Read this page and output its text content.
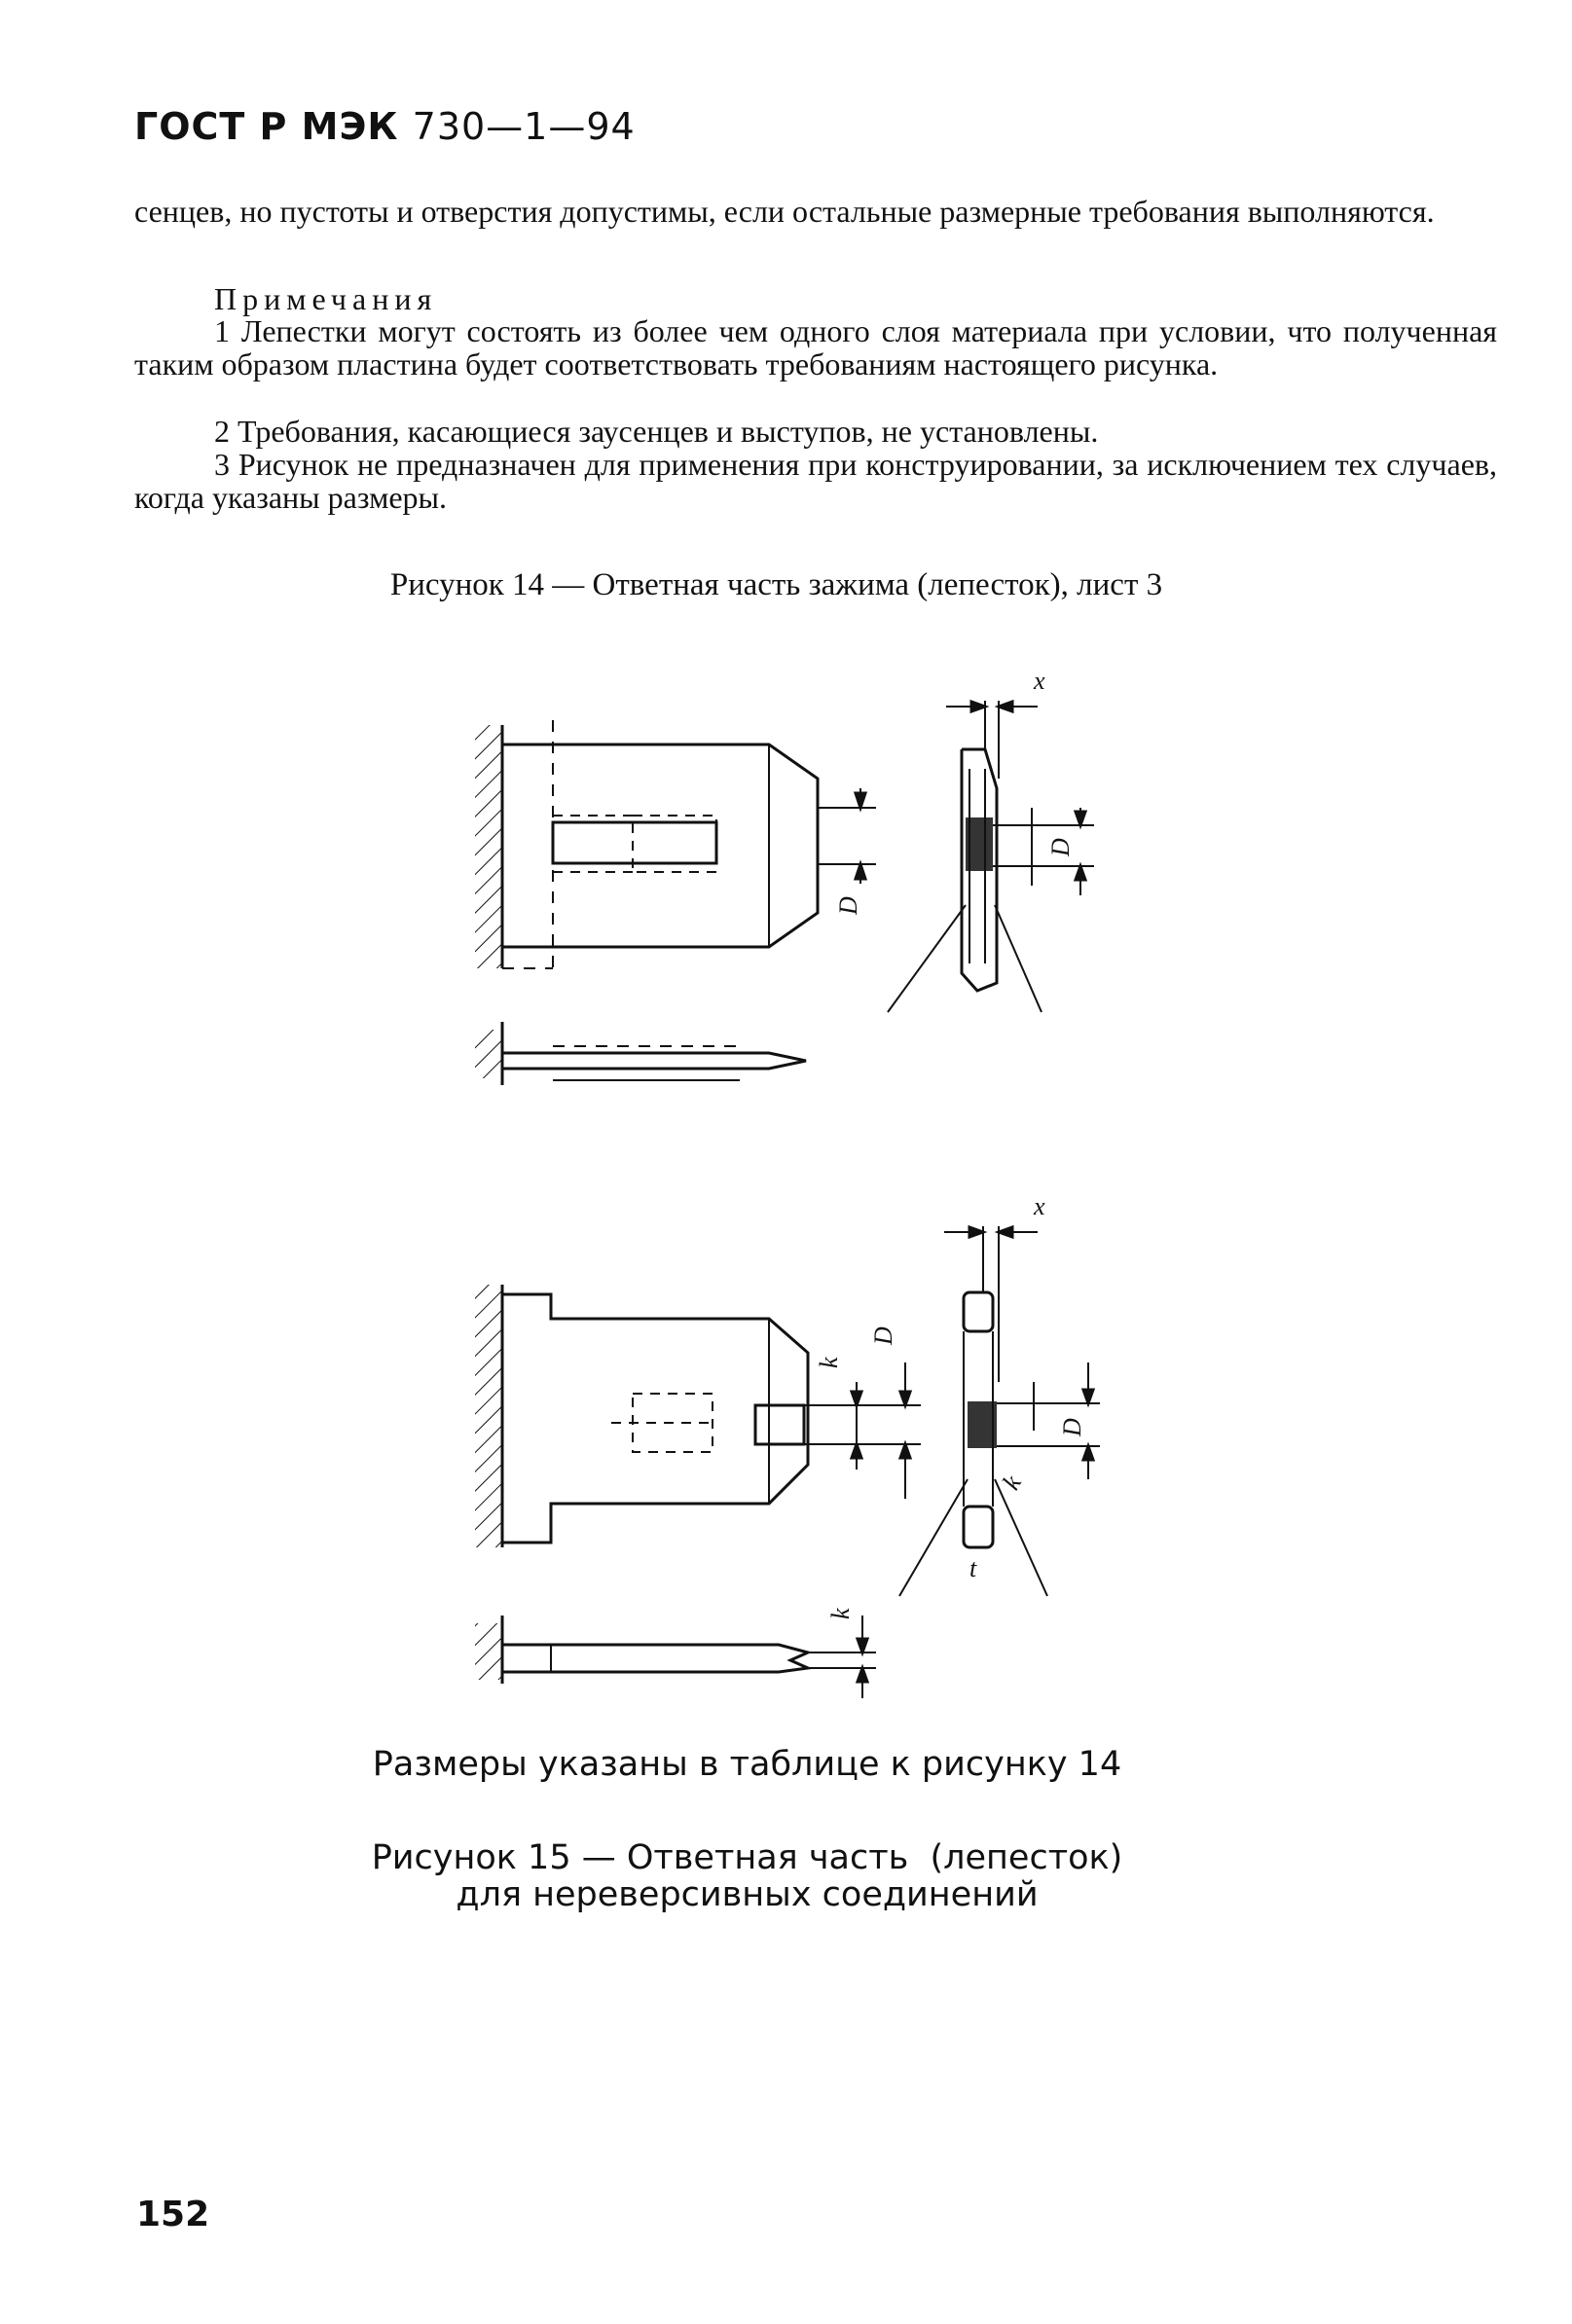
ГОСТ Р МЭК 730—1—94
сенцев, но пустоты и отверстия допустимы, если остальные размерные требования выполняются.
Примечания
1 Лепестки могут состоять из более чем одного слоя материала при условии, что полученная таким образом пластина будет соответствовать требованиям настоящего рисунка.
2 Требования, касающиеся заусенцев и выступов, не установлены.
3 Рисунок не предназначен для применения при конструировании, за исключением тех случаев, когда указаны размеры.
Рисунок 14 — Ответная часть зажима (лепесток), лист 3
x
D
D
x
k
D
D
k
t
k
Размеры указаны в таблице к рисунку 14
Рисунок 15 — Ответная часть  (лепесток)
для нереверсивных соединений
152
